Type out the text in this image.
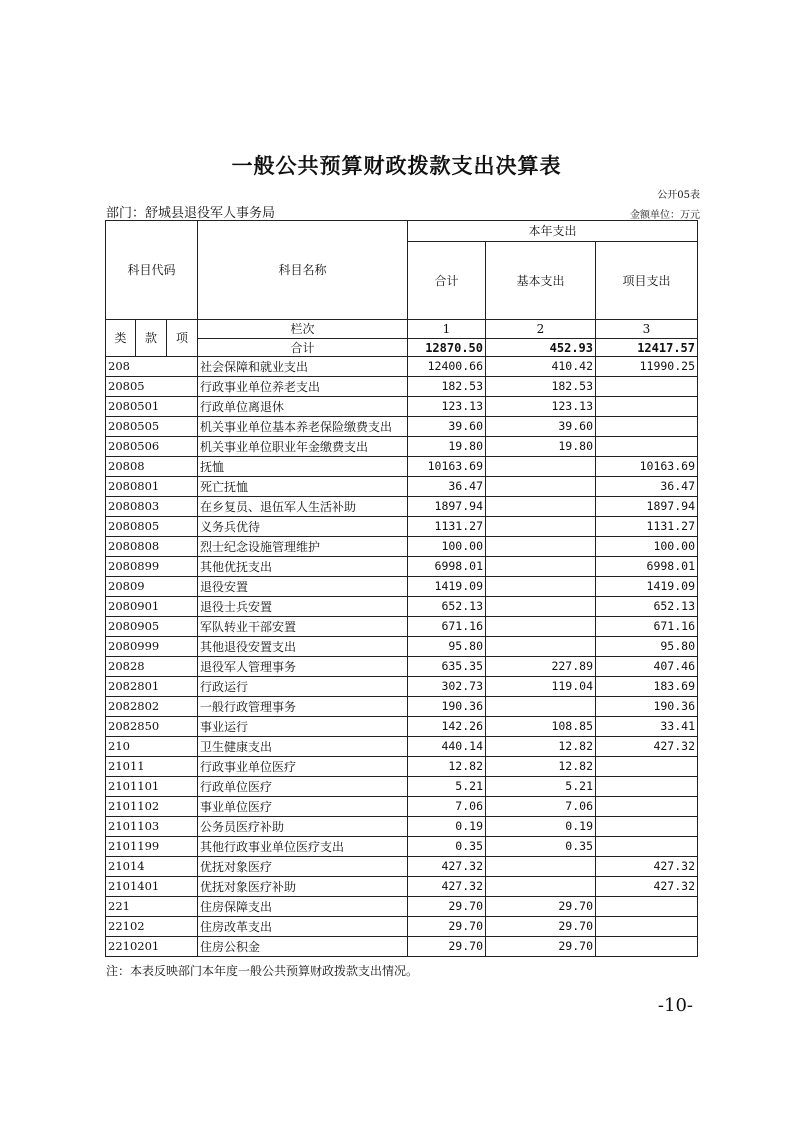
一般公共预算财政拨款支出决算表
公开05表
部门：舒城县退役军人事务局	金额单位：万元
科目代码			科目名称	本年支出		
				合计	基本支出	项目支出
类	款	项	栏次	1	2	3
			合计	12870.50	452.93	12417.57
208			社会保障和就业支出	12400.66	410.42	11990.25
20805			行政事业单位养老支出	182.53	182.53	
2080501			行政单位离退休	123.13	123.13	
2080505			机关事业单位基本养老保险缴费支出	39.60	39.60	
2080506			机关事业单位职业年金缴费支出	19.80	19.80	
20808			抚恤	10163.69		10163.69
2080801			死亡抚恤	36.47		36.47
2080803			在乡复员、退伍军人生活补助	1897.94		1897.94
2080805			义务兵优待	1131.27		1131.27
2080808			烈士纪念设施管理维护	100.00		100.00
2080899			其他优抚支出	6998.01		6998.01
20809			退役安置	1419.09		1419.09
2080901			退役士兵安置	652.13		652.13
2080905			军队转业干部安置	671.16		671.16
2080999			其他退役安置支出	95.80		95.80
20828			退役军人管理事务	635.35	227.89	407.46
2082801			行政运行	302.73	119.04	183.69
2082802			一般行政管理事务	190.36		190.36
2082850			事业运行	142.26	108.85	33.41
210			卫生健康支出	440.14	12.82	427.32
21011			行政事业单位医疗	12.82	12.82	
2101101			行政单位医疗	5.21	5.21	
2101102			事业单位医疗	7.06	7.06	
2101103			公务员医疗补助	0.19	0.19	
2101199			其他行政事业单位医疗支出	0.35	0.35	
21014			优抚对象医疗	427.32		427.32
2101401			优抚对象医疗补助	427.32		427.32
221			住房保障支出	29.70	29.70	
22102			住房改革支出	29.70	29.70	
2210201			住房公积金	29.70	29.70	
注：本表反映部门本年度一般公共预算财政拨款支出情况。
-10-
